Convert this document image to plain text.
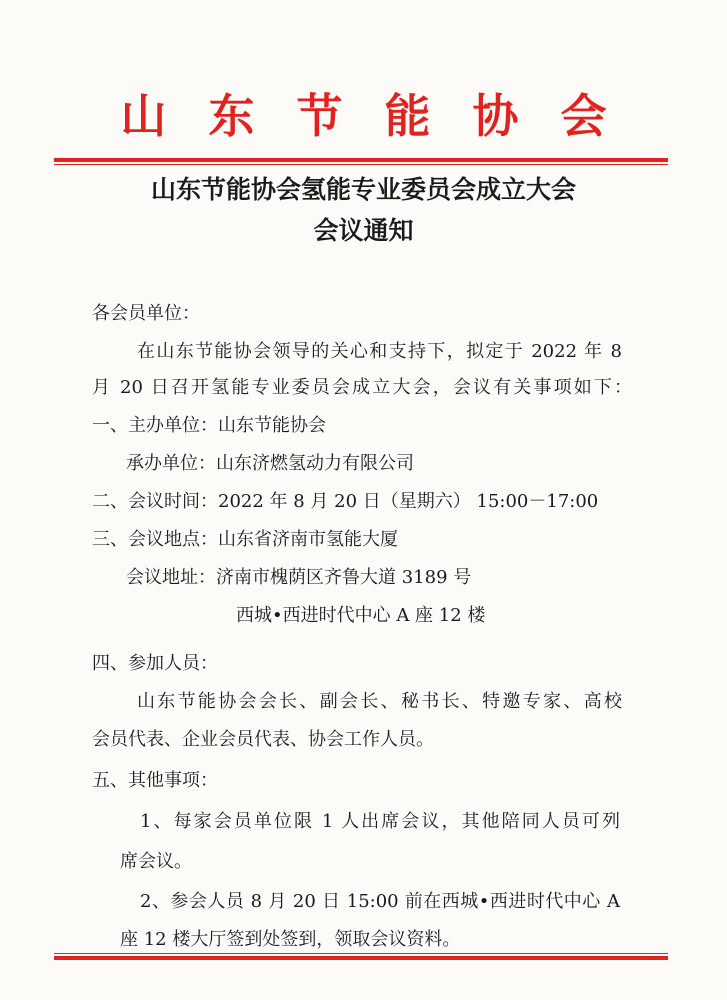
山东节能协会
山东节能协会氢能专业委员会成立大会
会议通知
各会员单位：
在山东节能协会领导的关心和支持下，拟定于 2022 年 8
月 20 日召开氢能专业委员会成立大会，会议有关事项如下：
一、主办单位：山东节能协会
承办单位：山东济燃氢动力有限公司
二、会议时间：2022 年 8 月 20 日（星期六） 15:00－17:00
三、会议地点：山东省济南市氢能大厦
会议地址：济南市槐荫区齐鲁大道 3189 号
西城•西进时代中心 A 座 12 楼
四、参加人员：
山东节能协会会长、副会长、秘书长、特邀专家、高校
会员代表、企业会员代表、协会工作人员。
五、其他事项：
1、每家会员单位限 1 人出席会议，其他陪同人员可列
席会议。
2、参会人员 8 月 20 日 15:00 前在西城•西进时代中心 A
座 12 楼大厅签到处签到，领取会议资料。
